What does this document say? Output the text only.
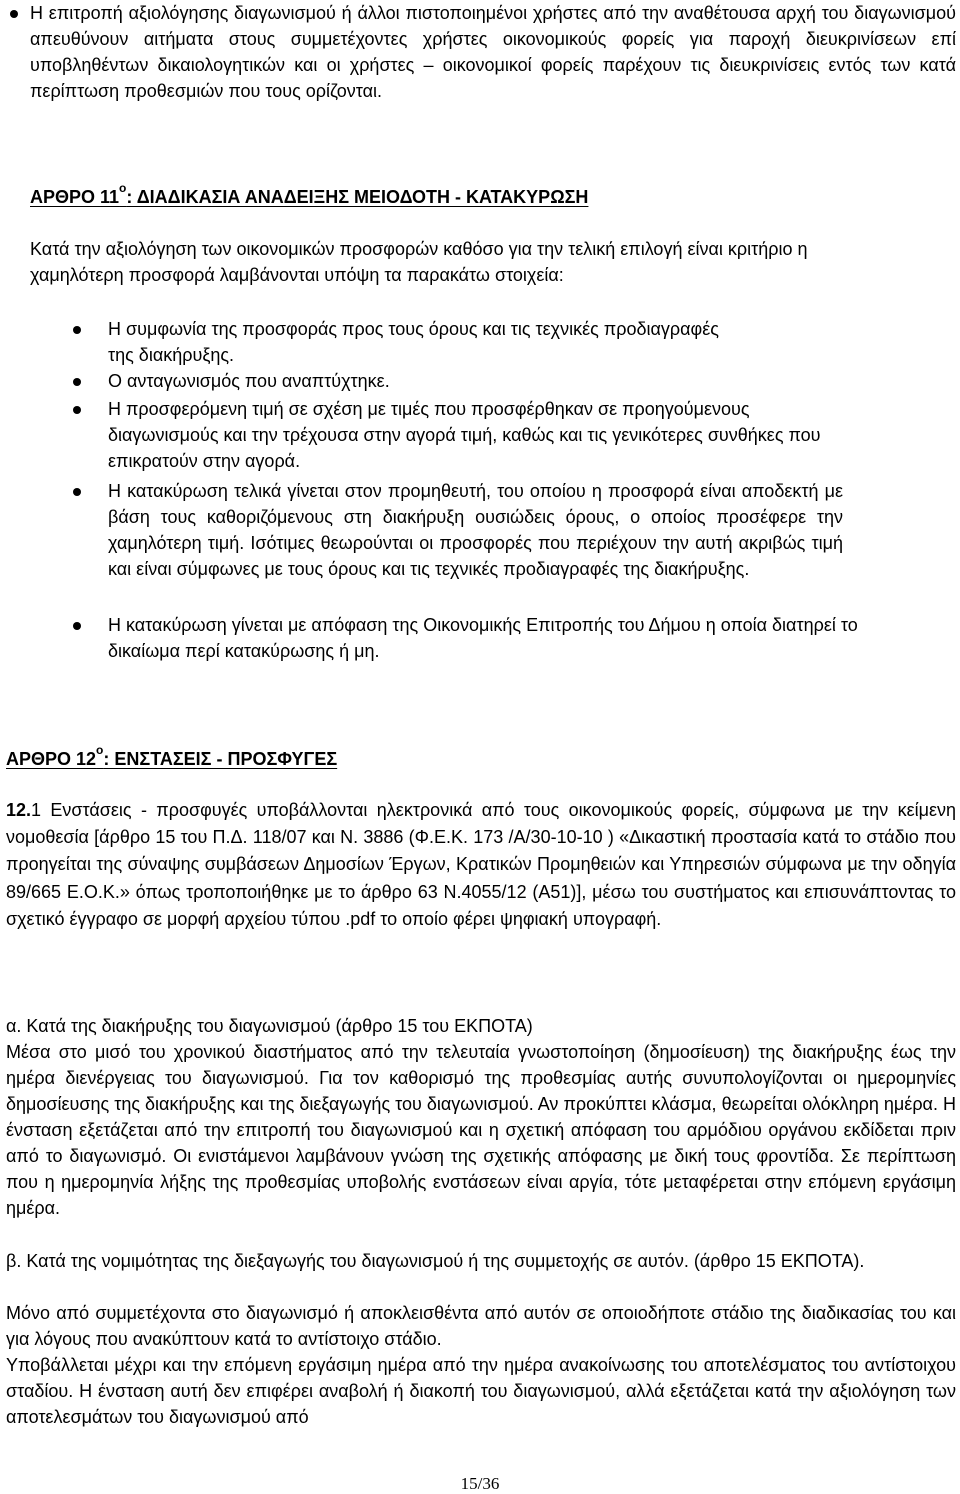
Η επιτροπή αξιολόγησης διαγωνισμού ή άλλοι πιστοποιημένοι χρήστες από την αναθέτουσα αρχή του διαγωνισμού απευθύνουν αιτήματα στους συμμετέχοντες χρήστες οικονομικούς φορείς για παροχή διευκρινίσεων επί υποβληθέντων δικαιολογητικών και οι χρήστες – οικονομικοί φορείς παρέχουν τις διευκρινίσεις εντός των κατά περίπτωση προθεσμιών που τους ορίζονται.
ΑΡΘΡΟ $11^o$: ΔΙΑΔΙΚΑΣΙΑ ΑΝΑΔΕΙΞΗΣ ΜΕΙΟΔΟΤΗ - ΚΑΤΑΚΥΡΩΣΗ
Κατά την αξιολόγηση των οικονομικών προσφορών καθόσο για την τελική επιλογή είναι κριτήριο η χαμηλότερη προσφορά λαμβάνονται υπόψη τα παρακάτω στοιχεία:
Η συμφωνία της προσφοράς προς τους όρους και τις τεχνικές προδιαγραφές της διακήρυξης.
Ο ανταγωνισμός που αναπτύχτηκε.
Η προσφερόμενη τιμή σε σχέση με τιμές που προσφέρθηκαν σε προηγούμενους διαγωνισμούς και την τρέχουσα στην αγορά τιμή, καθώς και τις γενικότερες συνθήκες που επικρατούν στην αγορά.
Η κατακύρωση τελικά γίνεται στον προμηθευτή, του οποίου η προσφορά είναι αποδεκτή με βάση τους καθοριζόμενους στη διακήρυξη ουσιώδεις όρους, ο οποίος προσέφερε την χαμηλότερη τιμή. Ισότιμες θεωρούνται οι προσφορές που περιέχουν την αυτή ακριβώς τιμή και είναι σύμφωνες με τους όρους και τις τεχνικές προδιαγραφές της διακήρυξης.
Η κατακύρωση γίνεται με απόφαση της Οικονομικής Επιτροπής του Δήμου η οποία διατηρεί το δικαίωμα περί κατακύρωσης ή μη.
ΑΡΘΡΟ $12^o$: ΕΝΣΤΑΣΕΙΣ - ΠΡΟΣΦΥΓΕΣ
12.1 Ενστάσεις - προσφυγές υποβάλλονται ηλεκτρονικά από τους οικονομικούς φορείς, σύμφωνα με την κείμενη νομοθεσία [άρθρο 15 του Π.Δ. 118/07 και Ν. 3886 (Φ.Ε.Κ. 173 /Α/30-10-10 ) «Δικαστική προστασία κατά το στάδιο που προηγείται της σύναψης συμβάσεων Δημοσίων Έργων, Κρατικών Προμηθειών και Υπηρεσιών σύμφωνα με την οδηγία 89/665 Ε.Ο.Κ.» όπως τροποποιήθηκε με το άρθρο 63 Ν.4055/12 (Α51)], μέσω του συστήματος και επισυνάπτοντας το σχετικό έγγραφο σε μορφή αρχείου τύπου .pdf το οποίο φέρει ψηφιακή υπογραφή.
α. Κατά της διακήρυξης του διαγωνισμού (άρθρο 15 του ΕΚΠΟΤΑ)
Μέσα στο μισό του χρονικού διαστήματος από την τελευταία γνωστοποίηση (δημοσίευση) της διακήρυξης έως την ημέρα διενέργειας του διαγωνισμού. Για τον καθορισμό της προθεσμίας αυτής συνυπολογίζονται οι ημερομηνίες δημοσίευσης της διακήρυξης και της διεξαγωγής του διαγωνισμού. Αν προκύπτει κλάσμα, θεωρείται ολόκληρη ημέρα. Η ένσταση εξετάζεται από την επιτροπή του διαγωνισμού και η σχετική απόφαση του αρμόδιου οργάνου εκδίδεται πριν από το διαγωνισμό. Οι ενιστάμενοι λαμβάνουν γνώση της σχετικής απόφασης με δική τους φροντίδα. Σε περίπτωση που η ημερομηνία λήξης της προθεσμίας υποβολής ενστάσεων είναι αργία, τότε μεταφέρεται στην επόμενη εργάσιμη ημέρα.
β. Κατά της νομιμότητας της διεξαγωγής του διαγωνισμού ή της συμμετοχής σε αυτόν. (άρθρο 15 ΕΚΠΟΤΑ).
Μόνο από συμμετέχοντα στο διαγωνισμό ή αποκλεισθέντα από αυτόν σε οποιοδήποτε στάδιο της διαδικασίας του και για λόγους που ανακύπτουν κατά το αντίστοιχο στάδιο.
Υποβάλλεται μέχρι και την επόμενη εργάσιμη ημέρα από την ημέρα ανακοίνωσης του αποτελέσματος του αντίστοιχου σταδίου. Η ένσταση αυτή δεν επιφέρει αναβολή ή διακοπή του διαγωνισμού, αλλά εξετάζεται κατά την αξιολόγηση των αποτελεσμάτων του διαγωνισμού από
15/36
